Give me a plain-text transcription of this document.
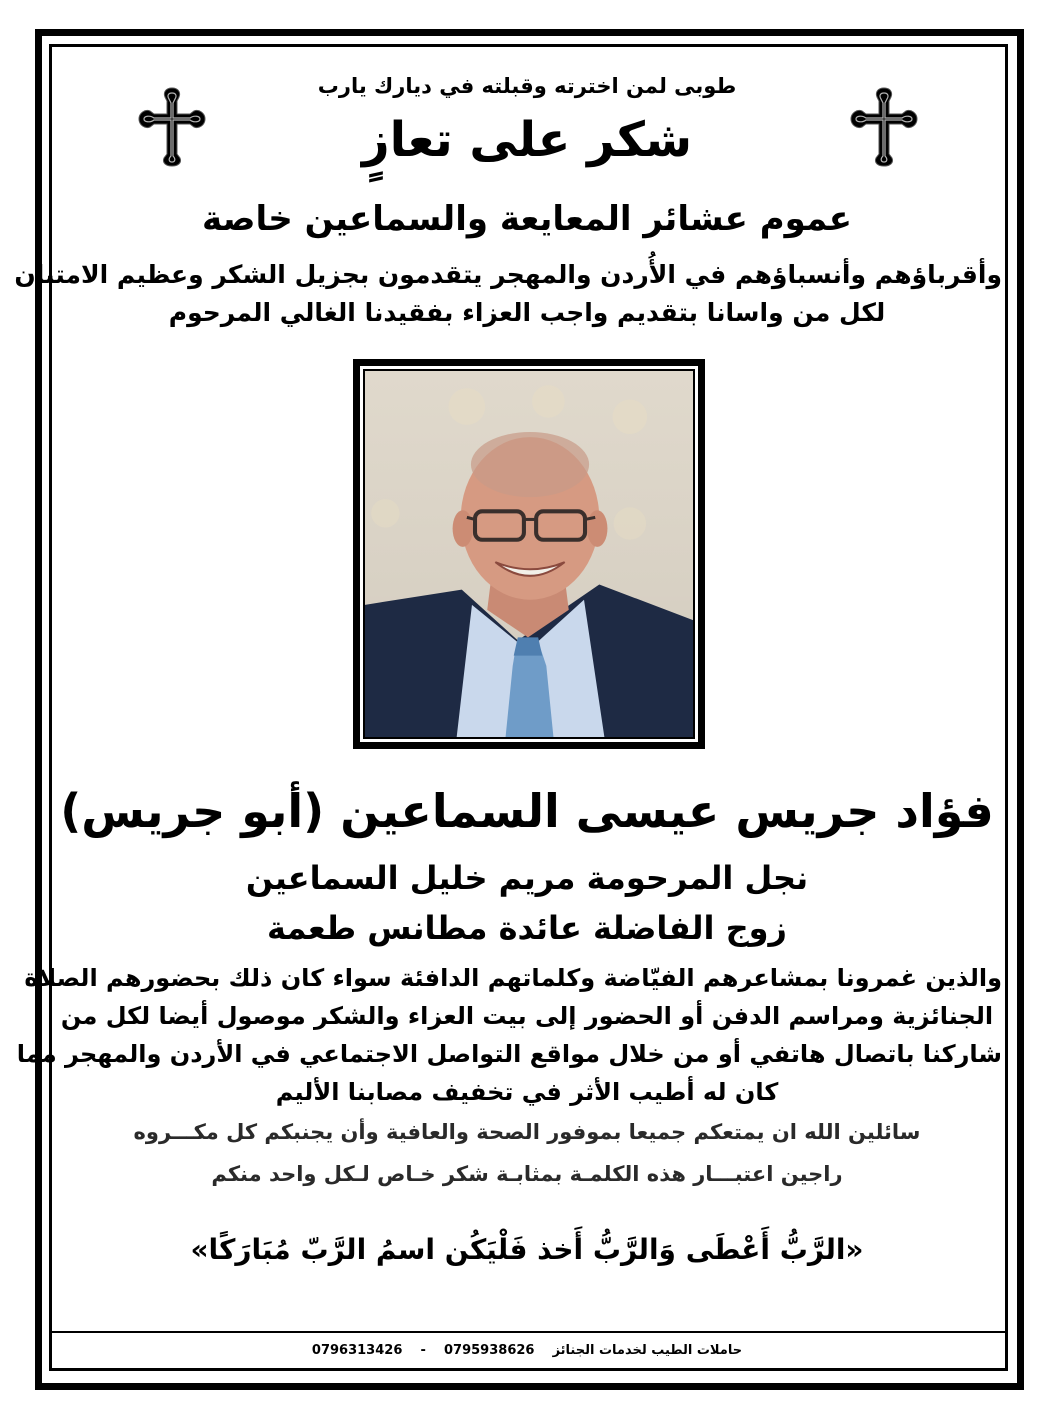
طوبى لمن اخترته وقبلته في ديارك يارب
شكر على تعازٍ
عموم عشائر المعايعة والسماعين خاصة
وأقرباؤهم وأنسباؤهم في الأُردن والمهجر يتقدمون بجزيل الشكر وعظيم الامتنان
لكل من واسانا بتقديم واجب العزاء بفقيدنا الغالي المرحوم
فؤاد جريس عيسى السماعين (أبو جريس)
نجل المرحومة مريم خليل السماعين
زوج الفاضلة عائدة مطانس طعمة
والذين غمرونا بمشاعرهم الفيّاضة وكلماتهم الدافئة سواء كان ذلك بحضورهم الصلاة
الجنائزية ومراسم الدفن أو الحضور إلى بيت العزاء والشكر موصول أيضا لكل من
شاركنا باتصال هاتفي أو من خلال مواقع التواصل الاجتماعي في الأردن والمهجر مما
كان له أطيب الأثر في تخفيف مصابنا الأليم
سائلين الله ان يمتعكم جميعا بموفور الصحة والعافية وأن يجنبكم كل مكـــروه
راجين اعتبـــار هذه الكلمـة بمثابـة شكر خـاص لـكل واحد منكم
«الرَّبُّ أَعْطَى وَالرَّبُّ أَخذ فَلْيَكُن اسمُ الرَّبّ مُبَارَكًا»
حاملات الطيب لخدمات الجنائز    0796313426 - 0795938626
